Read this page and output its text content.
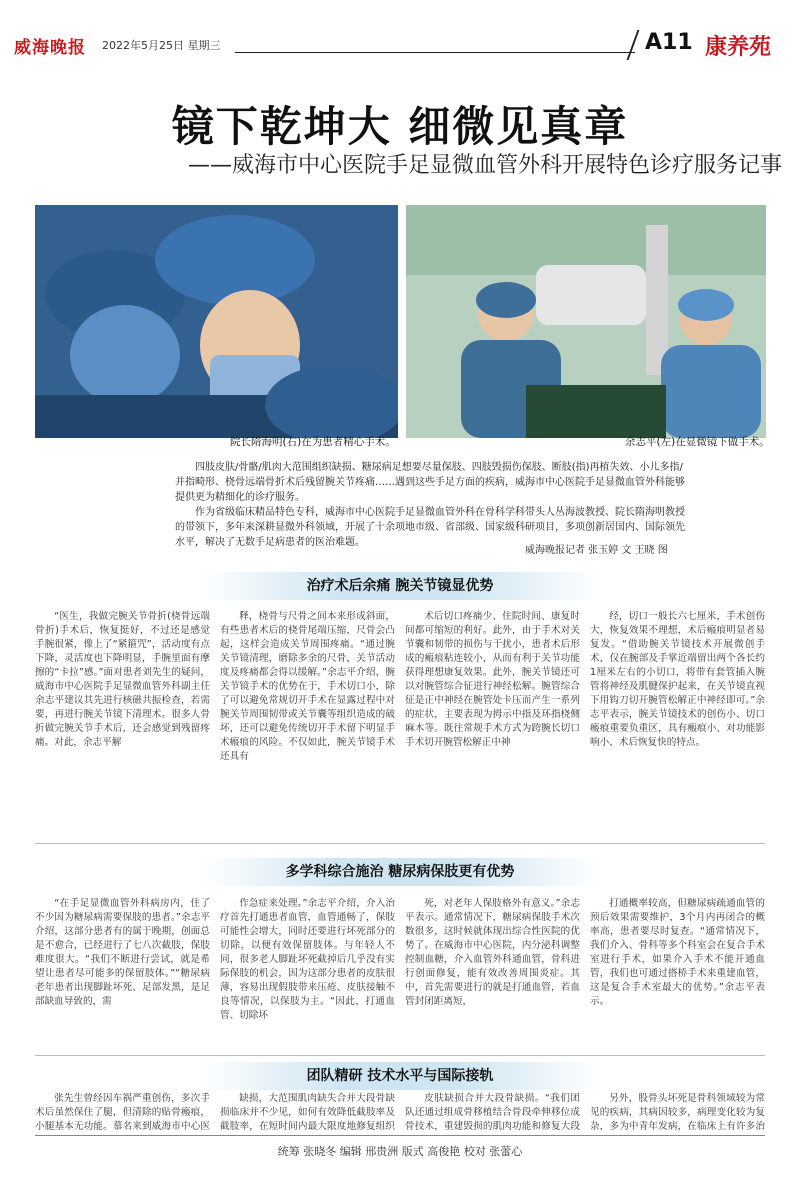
威海晚报 2022年5月25日 星期三	A11 康养苑
镜下乾坤大 细微见真章
——威海市中心医院手足显微血管外科开展特色诊疗服务记事
院长隋海明(右)在为患者精心手术。	余志平(左)在显微镜下做手术。

四肢皮肤/骨骼/肌肉大范围组织缺损、糖尿病足想要尽量保肢、四肢毁损伤保肢、断肢(指)再植失效、小儿多指/并指畸形、桡骨远端骨折术后残留腕关节疼痛……遇到这些手足方面的疾病，威海市中心医院手足显微血管外科能够提供更为精细化的诊疗服务。

作为省级临床精品特色专科，威海市中心医院手足显微血管外科在骨科学科带头人丛海波教授、院长隋海明教授的带领下，多年来深耕显微外科领域，开展了十余项地市级、省部级、国家级科研项目，多项创新居国内、国际领先水平，解决了无数手足病患者的医治难题。

威海晚报记者 张玉婷 文 王晓 图
治疗术后余痛 腕关节镜显优势

“医生，我做完腕关节骨折(桡骨远端骨折)手术后，恢复挺好，不过还是感觉手腕很紧，像上了“紧箍咒”，活动度有点下降，灵活度也下降明显，手腕里面有摩擦的“卡拉”感。”面对患者刘先生的疑问，威海市中心医院手足显微血管外科副主任余志平建议其先进行核磁共振检查，若需要，再进行腕关节镜下清理术。很多人骨折做完腕关节手术后，还会感觉到残留疼痛。对此，余志平解

释，桡骨与尺骨之间本来形成斜面，有些患者术后的桡骨尾端压缩，尺骨会凸起，这样会造成关节周围疼痛。“通过腕关节镜清理，磨除多余的尺骨，关节活动度及疼痛都会得以缓解。”余志平介绍，腕关节镜手术的优势在于，手术切口小，除了可以避免常规切开手术在显露过程中对腕关节周围韧带或关节囊等组织造成的破坏，还可以避免传统切开手术留下明显手术瘢痕的风险。不仅如此，腕关节镜手术还具有

术后切口疼痛少、住院时间、康复时间都可缩短的利好。此外，由于手术对关节囊和韧带的损伤与干扰小，患者术后形成的瘢痕粘连较小，从而有利于关节功能获得理想康复效果。此外，腕关节镜还可以对腕管综合征进行神经松解。腕管综合征是正中神经在腕管处卡压而产生一系列的症状，主要表现为拇示中指及环指桡侧麻木等。既往常规手术方式为跨腕长切口手术切开腕管松解正中神

经，切口一般长六七厘米，手术创伤大，恢复效果不理想，术后瘢痕明显者易复发。“借助腕关节镜技术开展微创手术，仅在腕部及手掌近端留出两个各长约1厘米左右的小切口，将带有套管插入腕管将神经及肌腱保护起来，在关节镜直视下用钩刀切开腕管松解正中神经即可。”余志平表示，腕关节镜技术的创伤小、切口瘢痕重要负重区，具有瘢痕小、对功能影响小、术后恢复快的特点。

多学科综合施治 糖尿病保肢更有优势

“在手足显微血管外科病房内，住了不少因为糖尿病需要保肢的患者。”余志平介绍，这部分患者有的属于晚期，创面总是不愈合，已经进行了七八次截肢，保肢难度很大。“我们不断进行尝试，就是希望让患者尽可能多的保留肢体。”“糖尿病老年患者出现脚趾坏死、足部发黑，是足部缺血导致的，需

作急症来处理。”余志平介绍，介入治疗首先打通患者血管，血管通畅了，保肢可能性会增大，同时还要进行坏死部分的切除，以便有效保留肢体。与年轻人不同，很多老人脚趾坏死截掉后几乎没有实际保肢的机会，因为这部分患者的皮肤很薄，容易出现假肢带来压疮、皮肤接触不良等情况，以保肢为主。“因此，打通血管、切除坏

死，对老年人保肢格外有意义。”余志平表示。通常情况下，糖尿病保肢手术次数很多，这时候就体现出综合性医院的优势了。在威海市中心医院，内分泌科调整控制血糖，介入血管外科通血管，骨科进行创面修复，能有效改善周围炎症。其中，首先需要进行的就是打通血管，若血管封闭距离短，

打通概率较高，但糖尿病疏通血管的预后效果需要维护，3个月内再闭合的概率高，患者要尽时复查。“通常情况下，我们介入、骨科等多个科室会在复合手术室进行手术，如果介入手术不能开通血管，我们也可通过搭桥手术来重建血管，这是复合手术室最大的优势。”余志平表示。

团队精研 技术水平与国际接轨

张先生曾经因车祸严重创伤，多次手术后虽然保住了腿，但清除的贴骨瘢痕，小腿基本无功能。慕名来到威海市中心医

缺损，大范围肌肉缺失合并大段骨缺损临床并不少见，如何有效降低截肢率及截肢率，在短时间内最大限度地修复组织

皮肤缺损合并大段骨缺损。“我们团队还通过组成骨移植结合骨段牵伸移位成骨技术，重建毁损的肌肉功能和修复大段

另外，股骨头坏死是骨科领域较为常见的疾病，其病因较多，病理变化较为复杂，多为中青年发病，在临床上有许多治

统筹 张晓冬 编辑 邢贵洲 版式 高俊艳 校对 张蕾心
